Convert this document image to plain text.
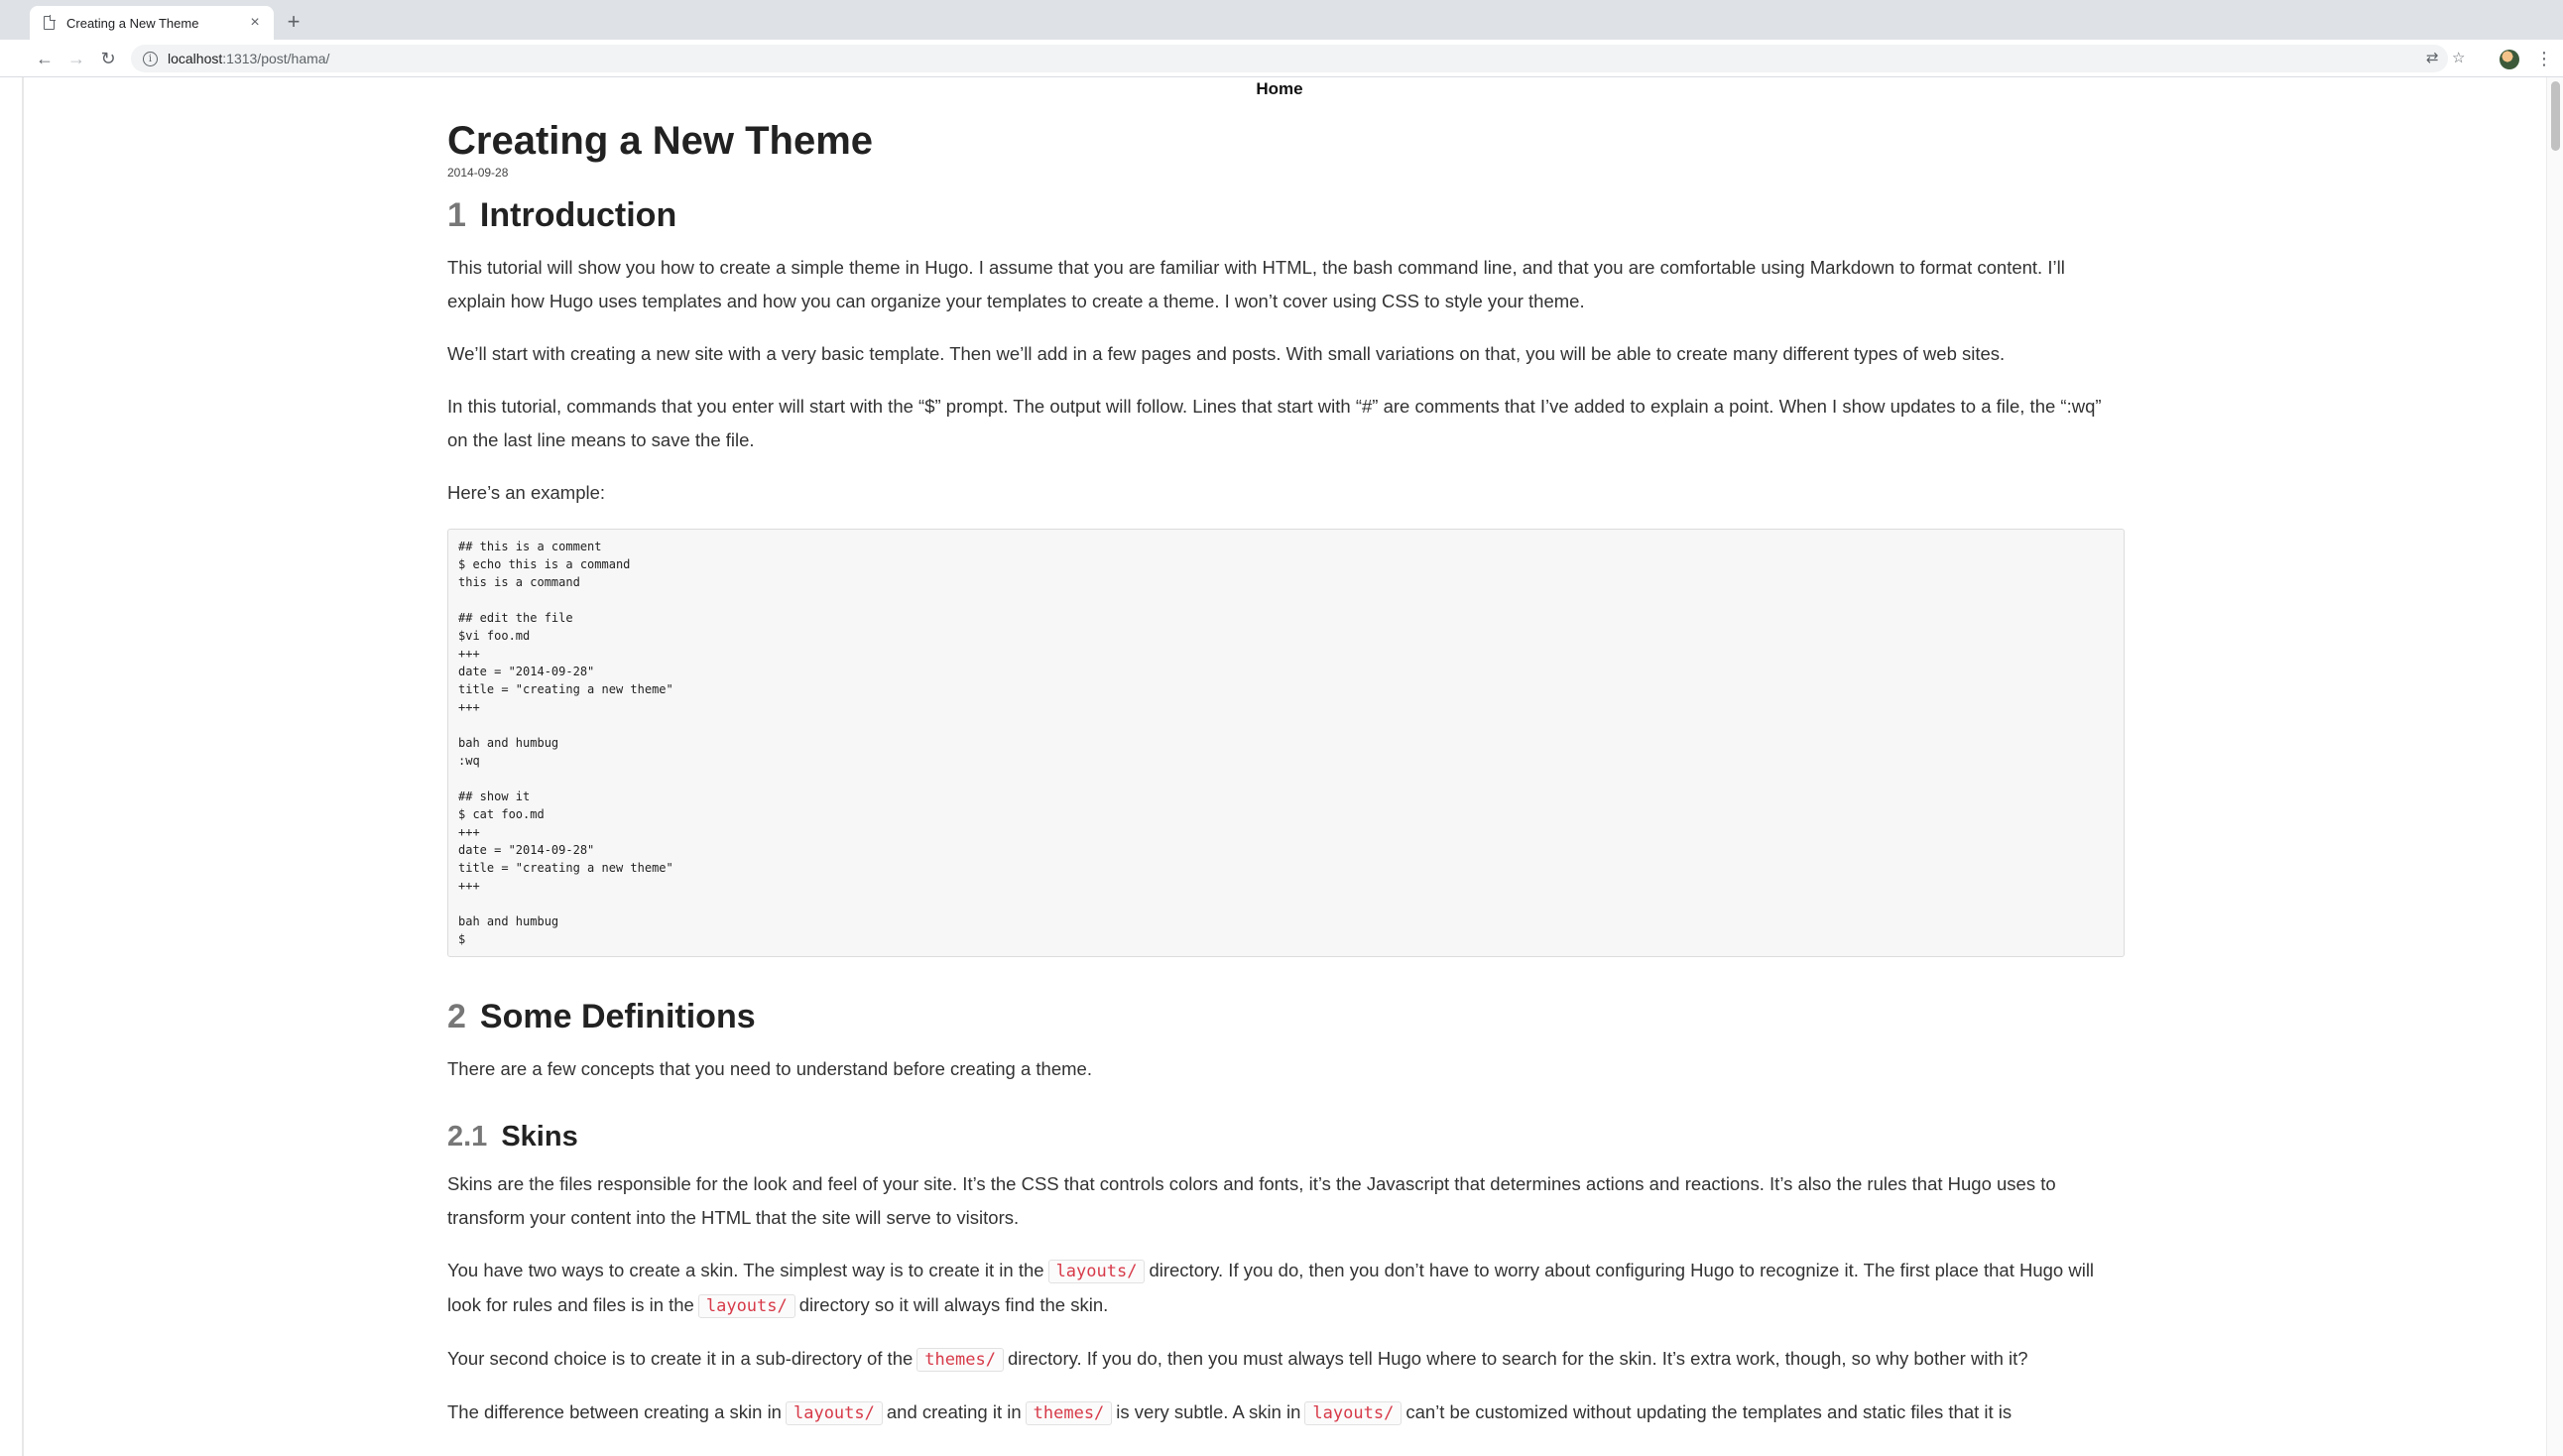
Creating a New Theme	× +
← → ↻	i	localhost :1313/post/hama/	⇄ ☆	⋮
Home
Creating a New Theme
2014-09-28
1 Introduction

This tutorial will show you how to create a simple theme in Hugo. I assume that you are familiar with HTML, the bash command line, and that you are comfortable using Markdown to format content. I’ll explain how Hugo uses templates and how you can organize your templates to create a theme. I won’t cover using CSS to style your theme.

We’ll start with creating a new site with a very basic template. Then we’ll add in a few pages and posts. With small variations on that, you will be able to create many different types of web sites.

In this tutorial, commands that you enter will start with the “$” prompt. The output will follow. Lines that start with “#” are comments that I’ve added to explain a point. When I show updates to a file, the “:wq” on the last line means to save the file.

Here’s an example:

## this is a comment
$ echo this is a command
this is a command

## edit the file
$vi foo.md
+++
date = "2014-09-28"
title = "creating a new theme"
+++

bah and humbug
:wq

## show it
$ cat foo.md
+++
date = "2014-09-28"
title = "creating a new theme"
+++

bah and humbug
$
2 Some Definitions

There are a few concepts that you need to understand before creating a theme.

2.1 Skins

Skins are the files responsible for the look and feel of your site. It’s the CSS that controls colors and fonts, it’s the Javascript that determines actions and reactions. It’s also the rules that Hugo uses to transform your content into the HTML that the site will serve to visitors.

You have two ways to create a skin. The simplest way is to create it in the layouts/ directory. If you do, then you don’t have to worry about configuring Hugo to recognize it. The first place that Hugo will look for rules and files is in the layouts/ directory so it will always find the skin.

Your second choice is to create it in a sub-directory of the themes/ directory. If you do, then you must always tell Hugo where to search for the skin. It’s extra work, though, so why bother with it?

The difference between creating a skin in layouts/ and creating it in themes/ is very subtle. A skin in layouts/ can’t be customized without updating the templates and static files that it is
